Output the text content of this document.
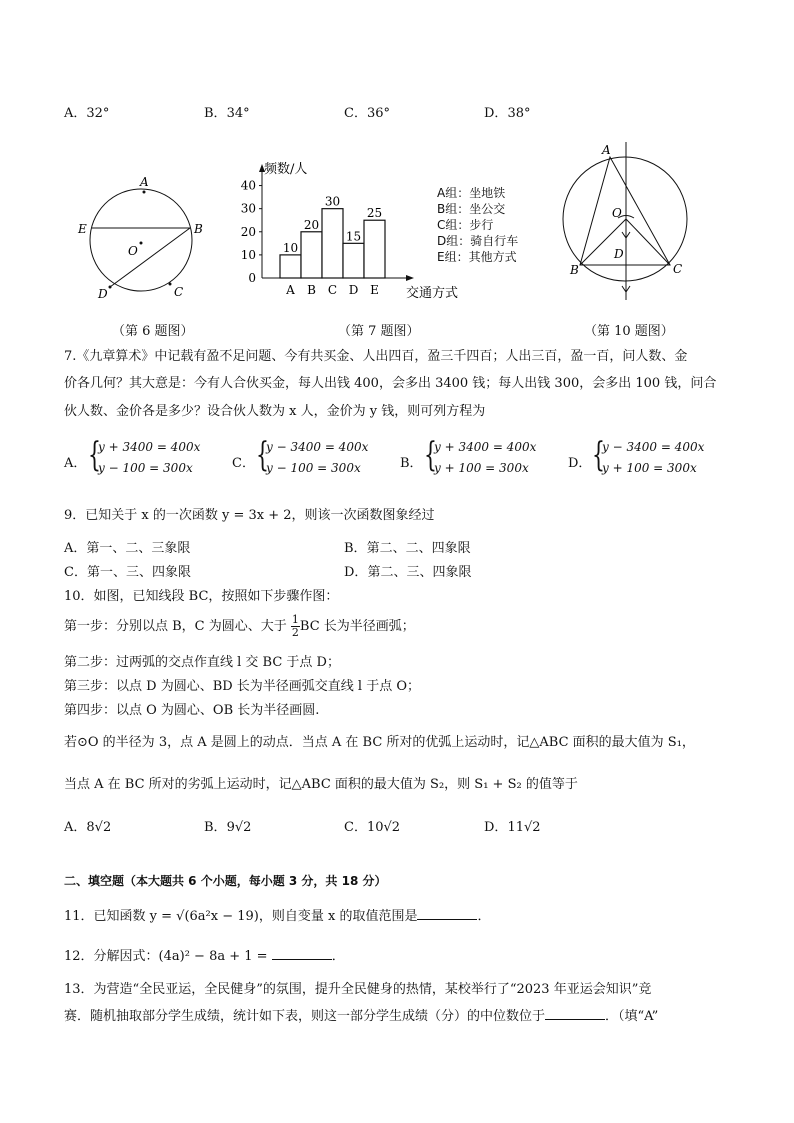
A．32°	B．34°	C．36°	D．38°
A
E	B
O
D	C
（第 6 题图）
0
10
20
30
40
10
A
20
B
30
C
15
D
25
E
频数/人
交通方式
A组：坐地铁
B组：坐公交
C组：步行
D组：骑自行车
E组：其他方式
（第 7 题图）
A
O
D
B	C
（第 10 题图）
7.《九章算术》中记载有盈不足问题、今有共买金、人出四百，盈三千四百；人出三百，盈一百，问人数、金
价各几何？其大意是：今有人合伙买金，每人出钱 400，会多出 3400 钱；每人出钱 300，会多出 100 钱，问合
伙人数、金价各是多少？设合伙人数为 x 人，金价为 y 钱，则可列方程为
A． {
y + 3400 = 400x
y − 100 = 300x	C． {
y − 3400 = 400x
y − 100 = 300x	B． {
y + 3400 = 400x
y + 100 = 300x	D． {
y − 3400 = 400x
y + 100 = 300x
9．已知关于 x 的一次函数 y = 3x + 2，则该一次函数图象经过
A．第一、二、三象限	B．第二、二、四象限
C．第一、三、四象限	D．第二、三、四象限
10．如图，已知线段 BC，按照如下步骤作图：
第一步：分别以点 B，C 为圆心、大于 $\frac{1}{2}$ BC 长为半径画弧；
第二步：过两弧的交点作直线 l 交 BC 于点 D；
第三步：以点 D 为圆心、BD 长为半径画弧交直线 l 于点 O；
第四步：以点 O 为圆心、OB 长为半径画圆.
若⊙O 的半径为 3，点 A 是圆上的动点．当点 A 在 BC 所对的优弧上运动时，记△ABC 面积的最大值为 S₁，
当点 A 在 BC 所对的劣弧上运动时，记△ABC 面积的最大值为 S₂，则 S₁ + S₂ 的值等于
A．8√2	B．9√2	C．10√2	D．11√2
二、填空题（本大题共 6 个小题，每小题 3 分，共 18 分）
11．已知函数 y = √(6a²x − 19)，则自变量 x 的取值范围是	．
12．分解因式：(4a)² − 8a + 1 =	．
13．为营造“全民亚运，全民健身”的氛围，提升全民健身的热情，某校举行了“2023 年亚运会知识”竞
赛．随机抽取部分学生成绩，统计如下表，则这一部分学生成绩（分）的中位数位于	．（填“A”
